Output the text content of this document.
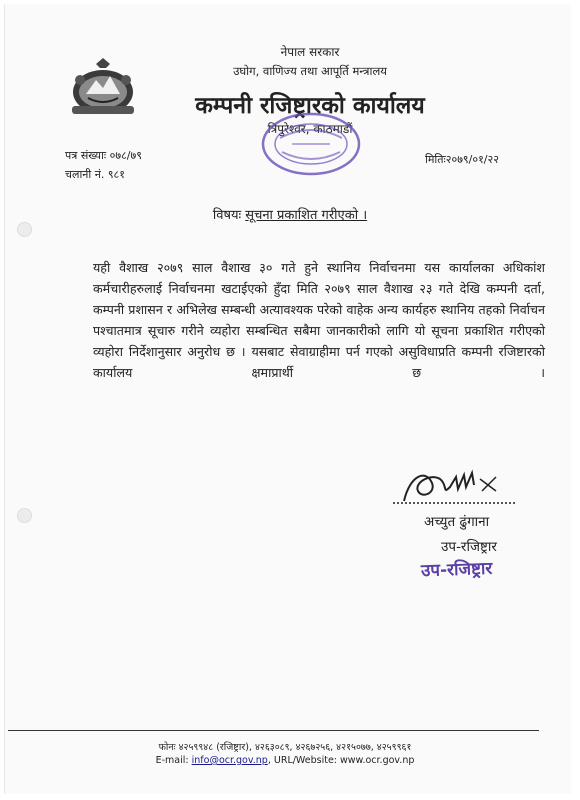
नेपाल सरकार
उघोग, वाणिज्य तथा आपूर्ति मन्त्रालय
कम्पनी रजिष्ट्रारको कार्यालय
त्रिपुरेश्वर, काठमाडौं
पत्र संख्याः ०७८/७९
चलानी नं. ९८१
मितिः२०७९/०१/२२
विषयः सूचना प्रकाशित गरीएको ।
यही वैशाख २०७९ साल वैशाख ३० गते हुने स्थानिय निर्वाचनमा यस कार्यालका अधिकांश कर्मचारीहरुलाई निर्वाचनमा खटाईएको हुँदा मिति २०७९ साल वैशाख २३ गते देखि कम्पनी दर्ता, कम्पनी प्रशासन र अभिलेख सम्बन्धी अत्यावश्यक परेको वाहेक अन्य कार्यहरु स्थानिय तहको निर्वाचन पश्चातमात्र सूचारु गरीने व्यहोरा सम्बन्धित सबैमा जानकारीको लागि यो सूचना प्रकाशित गरीएको व्यहोरा निर्देशानुसार अनुरोध छ । यसबाट सेवाग्राहीमा पर्न गएको असुविधाप्रति कम्पनी रजिष्टारको कार्यालय क्षमाप्रार्थी छ ।
अच्युत ढुंगाना
उप-रजिष्ट्रार
उप-रजिष्ट्रार
फोनः ४२५९९४८ (रजिष्ट्रार), ४२६३०८९, ४२६७२५६, ४२१५०७७, ४२५९९६१
E-mail: info@ocr.gov.np, URL/Website: www.ocr.gov.np
